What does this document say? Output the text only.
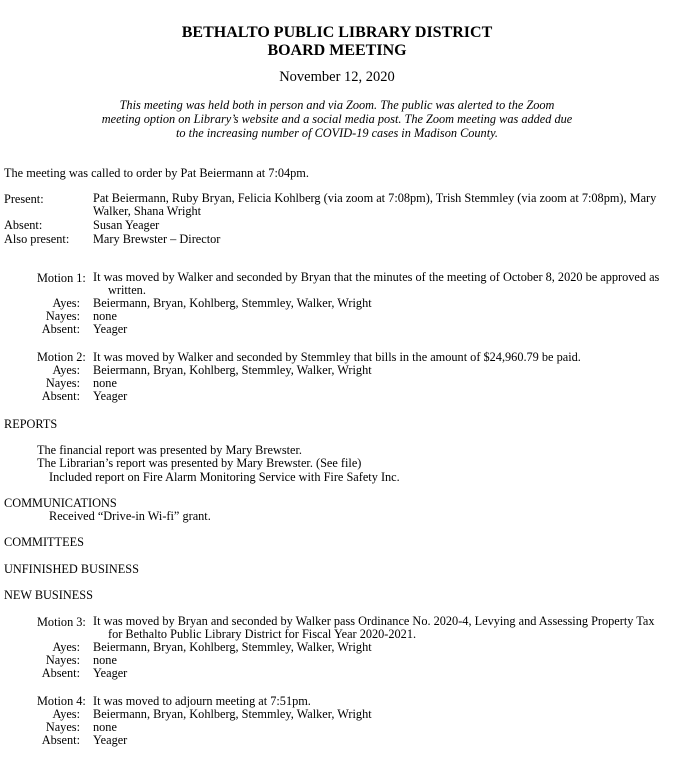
BETHALTO PUBLIC LIBRARY DISTRICT
BOARD MEETING
November 12, 2020
This meeting was held both in person and via Zoom. The public was alerted to the Zoom meeting option on Library’s website and a social media post. The Zoom meeting was added due to the increasing number of COVID-19 cases in Madison County.
The meeting was called to order by Pat Beiermann at 7:04pm.
Present:	Pat Beiermann, Ruby Bryan, Felicia Kohlberg (via zoom at 7:08pm), Trish Stemmley (via zoom at 7:08pm), Mary Walker, Shana Wright
Absent:	Susan Yeager
Also present: Mary Brewster – Director
Motion 1: It was moved by Walker and seconded by Bryan that the minutes of the meeting of October 8, 2020 be approved as written.
Ayes: Beiermann, Bryan, Kohlberg, Stemmley, Walker, Wright
Nayes: none
Absent: Yeager
Motion 2: It was moved by Walker and seconded by Stemmley that bills in the amount of $24,960.79 be paid.
Ayes: Beiermann, Bryan, Kohlberg, Stemmley, Walker, Wright
Nayes: none
Absent: Yeager
REPORTS
The financial report was presented by Mary Brewster.
The Librarian’s report was presented by Mary Brewster. (See file)
Included report on Fire Alarm Monitoring Service with Fire Safety Inc.
COMMUNICATIONS
Received “Drive-in Wi-fi” grant.
COMMITTEES
UNFINISHED BUSINESS
NEW BUSINESS
Motion 3: It was moved by Bryan and seconded by Walker pass Ordinance No. 2020-4, Levying and Assessing Property Tax for Bethalto Public Library District for Fiscal Year 2020-2021.
Ayes: Beiermann, Bryan, Kohlberg, Stemmley, Walker, Wright
Nayes: none
Absent: Yeager
Motion 4: It was moved to adjourn meeting at 7:51pm.
Ayes: Beiermann, Bryan, Kohlberg, Stemmley, Walker, Wright
Nayes: none
Absent: Yeager
